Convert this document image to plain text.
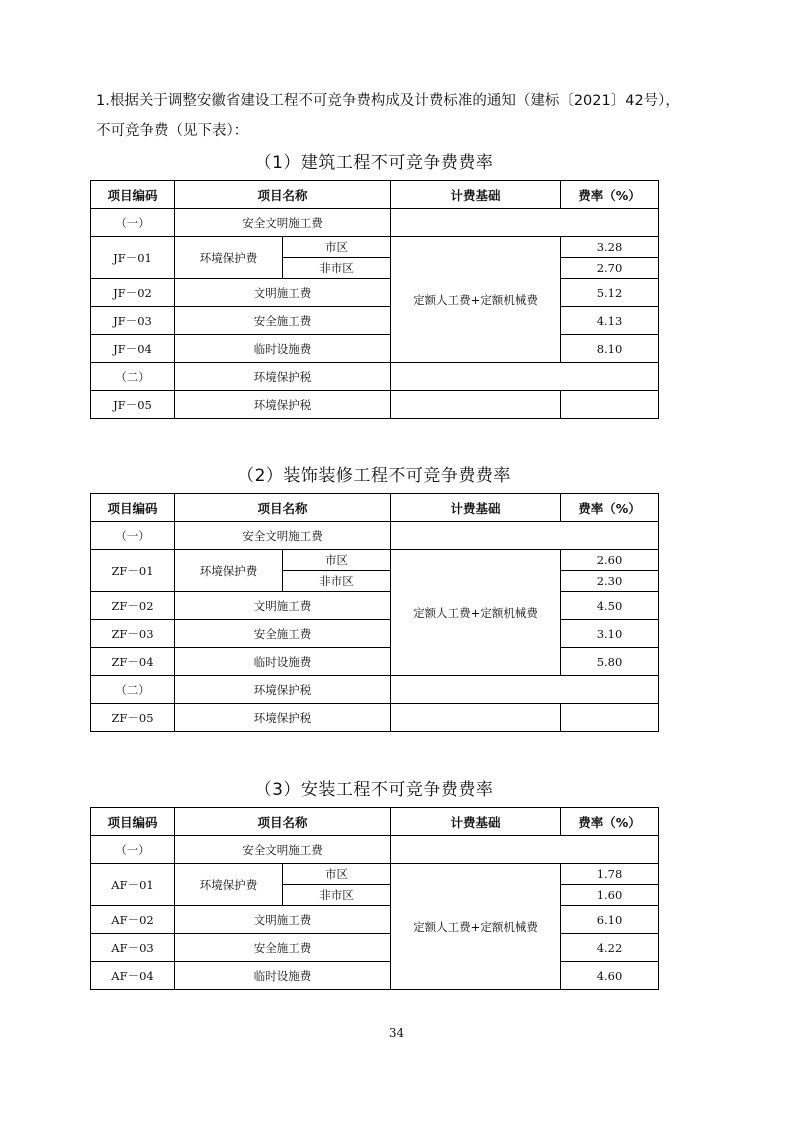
1.根据关于调整安徽省建设工程不可竞争费构成及计费标准的通知（建标〔2021〕42号），

不可竞争费（见下表）：

（1）建筑工程不可竞争费费率
项目编码	项目名称		计费基础	费率（%）
（一）	安全文明施工费			
JF－01	环境保护费	市区	定额人工费+定额机械费	3.28
		非市区		2.70
JF－02	文明施工费			5.12
JF－03	安全施工费			4.13
JF－04	临时设施费			8.10
（二）	环境保护税			
JF－05	环境保护税			
（2）装饰装修工程不可竞争费费率
项目编码	项目名称		计费基础	费率（%）
（一）	安全文明施工费			
ZF－01	环境保护费	市区	定额人工费+定额机械费	2.60
		非市区		2.30
ZF－02	文明施工费			4.50
ZF－03	安全施工费			3.10
ZF－04	临时设施费			5.80
（二）	环境保护税			
ZF－05	环境保护税			
（3）安装工程不可竞争费费率
项目编码	项目名称		计费基础	费率（%）
（一）	安全文明施工费			
AF－01	环境保护费	市区	定额人工费+定额机械费	1.78
		非市区		1.60
AF－02	文明施工费			6.10
AF－03	安全施工费			4.22
AF－04	临时设施费			4.60
34
